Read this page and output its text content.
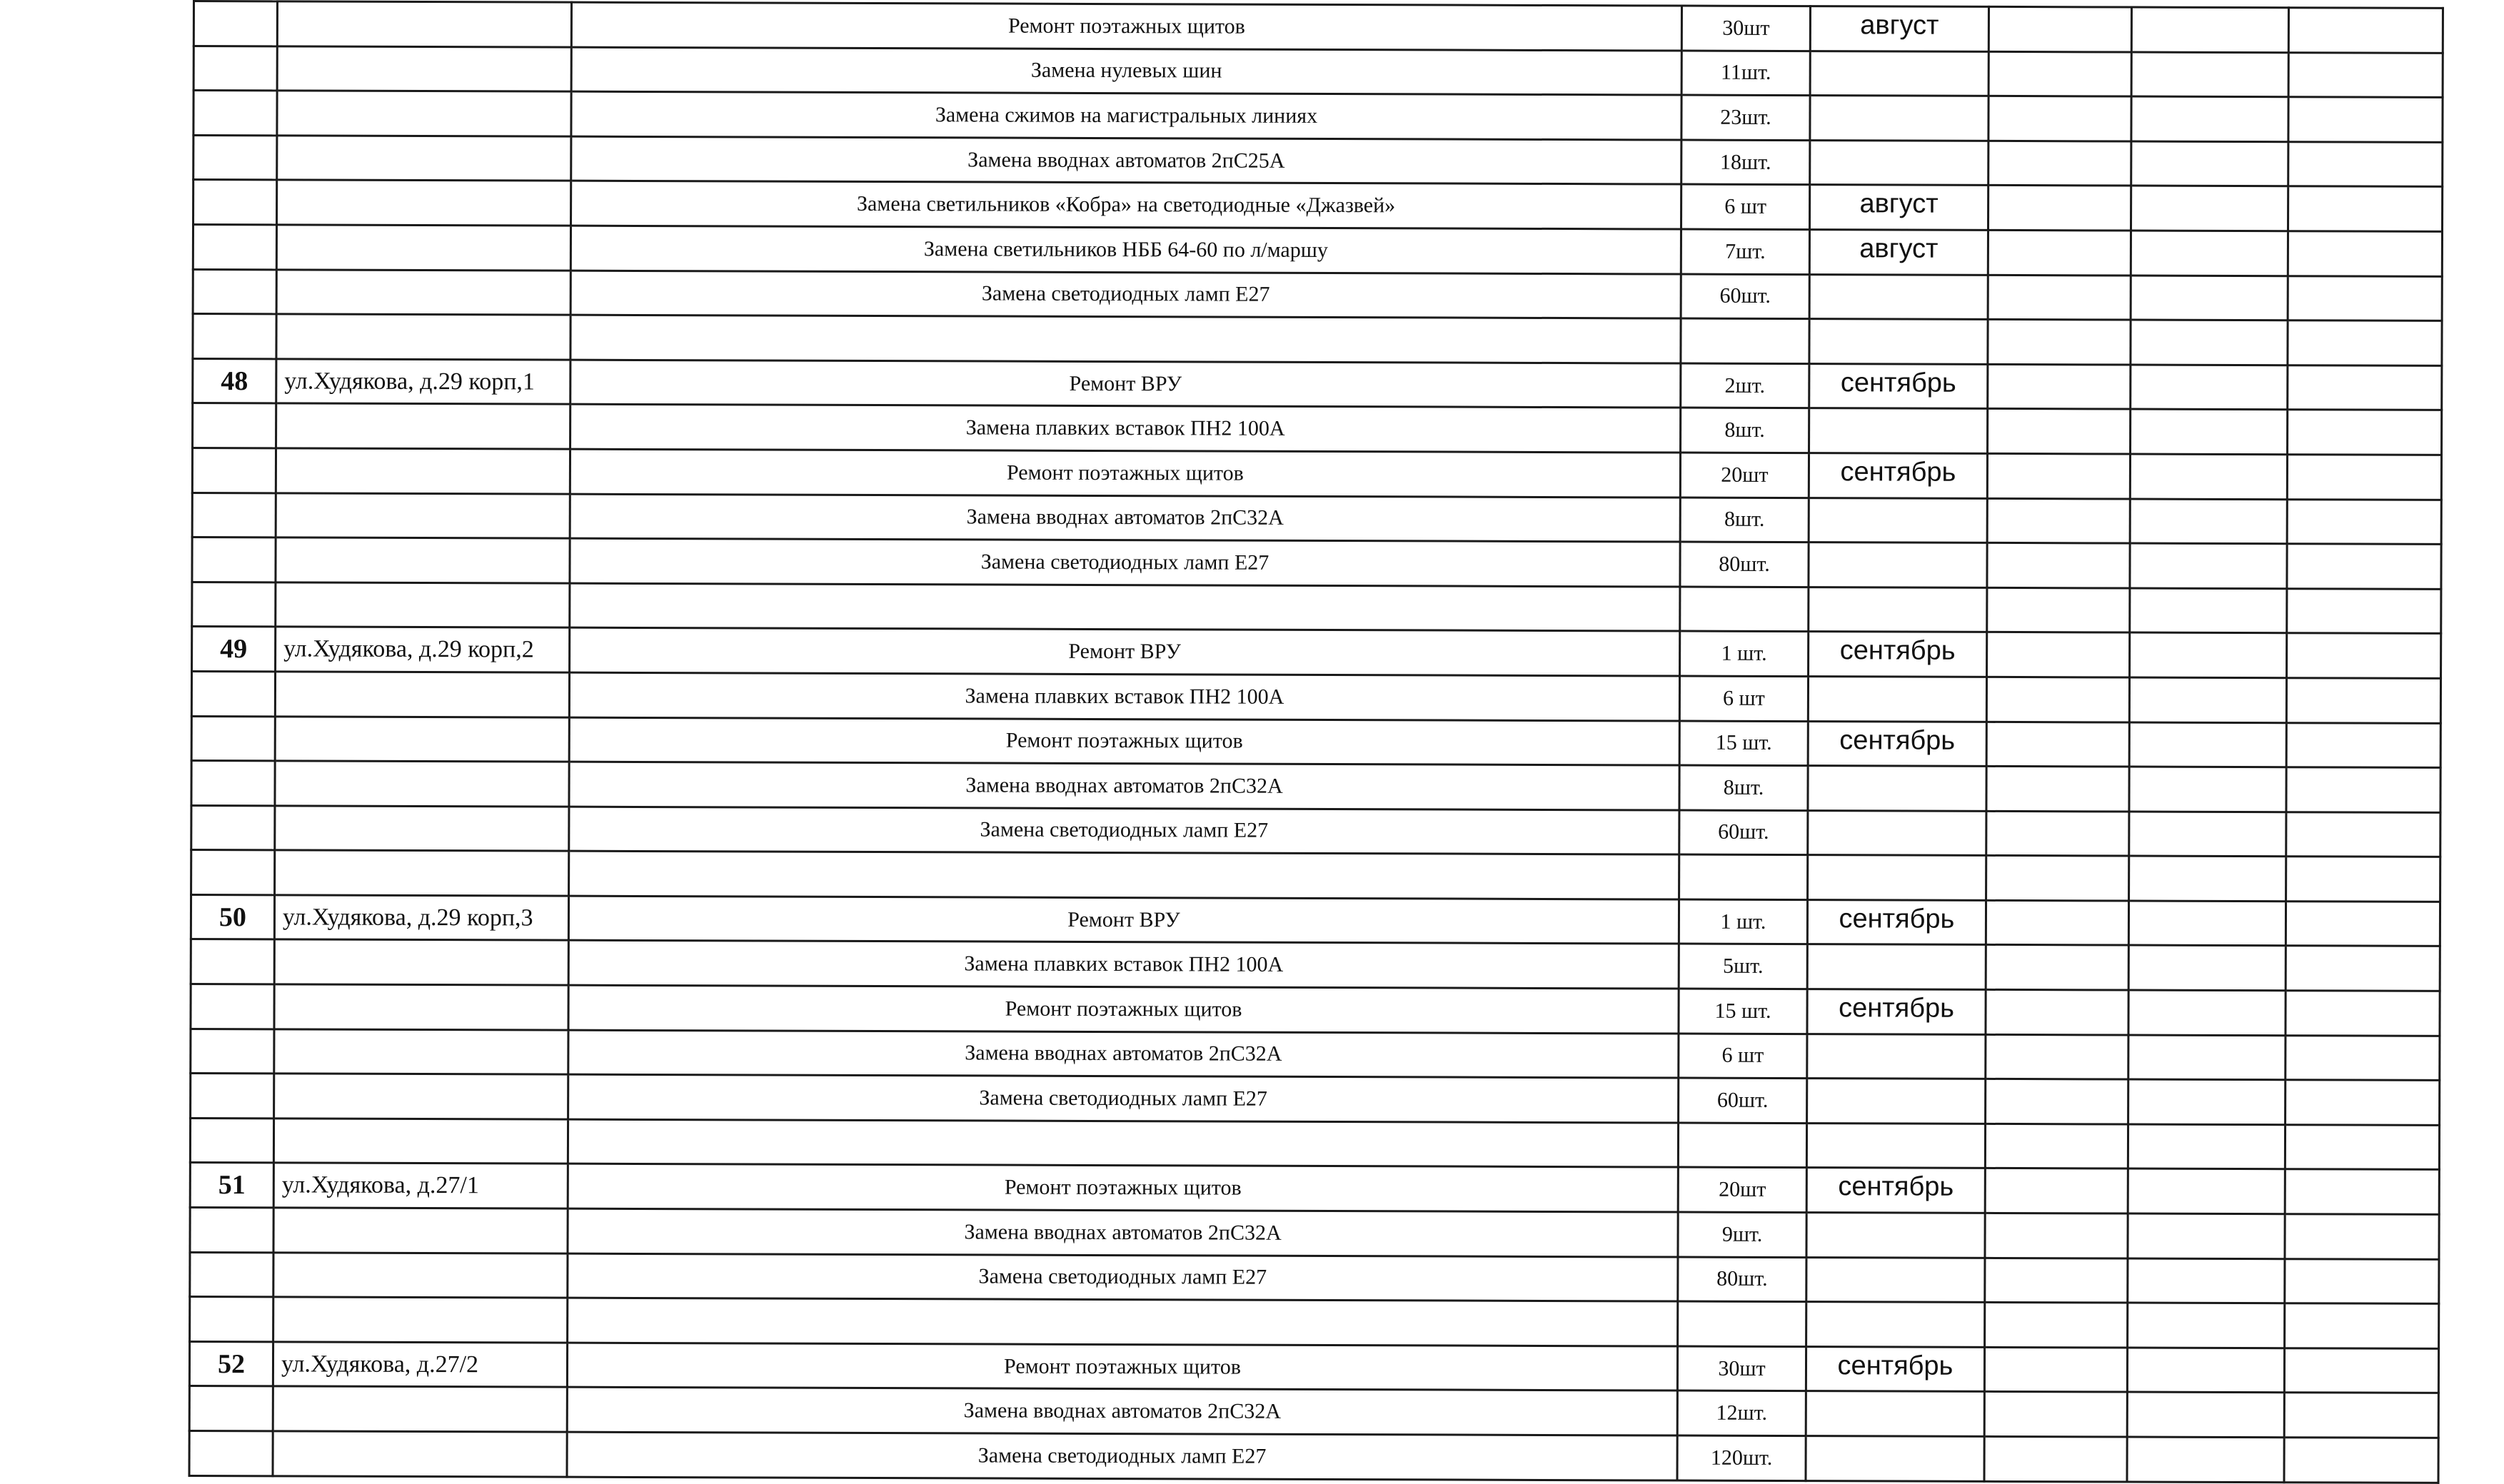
		Ремонт поэтажных щитов	30шт	август			
		Замена нулевых шин	11шт.				
		Замена сжимов на магистральных линиях	23шт.				
		Замена вводнах автоматов 2пС25А	18шт.				
		Замена светильников «Кобра» на светодиодные «Джазвей»	6 шт	август			
		Замена светильников НББ 64-60 по л/маршу	7шт.	август			
		Замена светодиодных ламп Е27	60шт.				

48	ул.Худякова, д.29 корп,1	Ремонт ВРУ	2шт.	сентябрь			
		Замена плавких вставок ПН2 100А	8шт.				
		Ремонт поэтажных щитов	20шт	сентябрь			
		Замена вводнах автоматов 2пС32А	8шт.				
		Замена светодиодных ламп Е27	80шт.				

49	ул.Худякова, д.29 корп,2	Ремонт ВРУ	1 шт.	сентябрь			
		Замена плавких вставок ПН2 100А	6 шт				
		Ремонт поэтажных щитов	15 шт.	сентябрь			
		Замена вводнах автоматов 2пС32А	8шт.				
		Замена светодиодных ламп Е27	60шт.				

50	ул.Худякова, д.29 корп,3	Ремонт ВРУ	1 шт.	сентябрь			
		Замена плавких вставок ПН2 100А	5шт.				
		Ремонт поэтажных щитов	15 шт.	сентябрь			
		Замена вводнах автоматов 2пС32А	6 шт				
		Замена светодиодных ламп Е27	60шт.				

51	ул.Худякова, д.27/1	Ремонт поэтажных щитов	20шт	сентябрь			
		Замена вводнах автоматов 2пС32А	9шт.				
		Замена светодиодных ламп Е27	80шт.				

52	ул.Худякова, д.27/2	Ремонт поэтажных щитов	30шт	сентябрь			
		Замена вводнах автоматов 2пС32А	12шт.				
		Замена светодиодных ламп Е27	120шт.				
